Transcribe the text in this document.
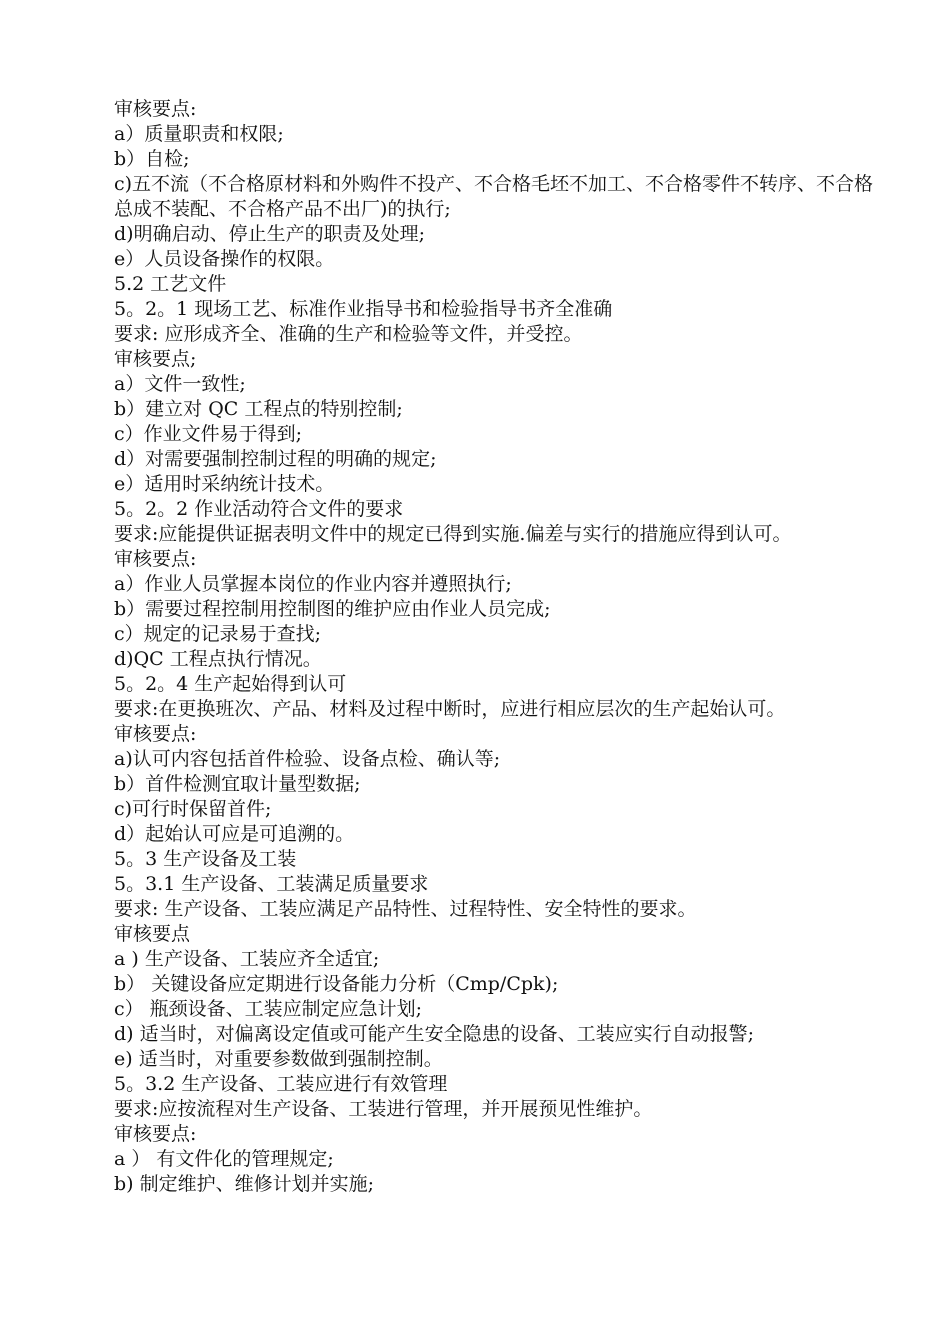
审核要点:

a）质量职责和权限;

b）自检;

c)五不流（不合格原材料和外购件不投产、不合格毛坯不加工、不合格零件不转序、不合格总成不装配、不合格产品不出厂)的执行;

d)明确启动、停止生产的职责及处理;

e）人员设备操作的权限。

5.2 工艺文件

5。2。1 现场工艺、标准作业指导书和检验指导书齐全准确

要求: 应形成齐全、准确的生产和检验等文件，并受控。

审核要点;

a）文件一致性;

b）建立对 QC 工程点的特别控制;

c）作业文件易于得到;

d）对需要强制控制过程的明确的规定;

e）适用时采纳统计技术。

5。2。2 作业活动符合文件的要求

要求:应能提供证据表明文件中的规定已得到实施.偏差与实行的措施应得到认可。

审核要点:

a）作业人员掌握本岗位的作业内容并遵照执行;

b）需要过程控制用控制图的维护应由作业人员完成;

c）规定的记录易于查找;

d)QC 工程点执行情况。

5。2。4 生产起始得到认可

要求:在更换班次、产品、材料及过程中断时，应进行相应层次的生产起始认可。

审核要点:

a)认可内容包括首件检验、设备点检、确认等;

b）首件检测宜取计量型数据;

c)可行时保留首件;

d）起始认可应是可追溯的。

5。3 生产设备及工装

5。3.1 生产设备、工装满足质量要求

要求: 生产设备、工装应满足产品特性、过程特性、安全特性的要求。

审核要点

a ) 生产设备、工装应齐全适宜;

b） 关键设备应定期进行设备能力分析（Cmp/Cpk);

c） 瓶颈设备、工装应制定应急计划;

d) 适当时，对偏离设定值或可能产生安全隐患的设备、工装应实行自动报警;

e) 适当时，对重要参数做到强制控制。

5。3.2 生产设备、工装应进行有效管理

要求:应按流程对生产设备、工装进行管理，并开展预见性维护。

审核要点:

a ） 有文件化的管理规定;

b) 制定维护、维修计划并实施;
